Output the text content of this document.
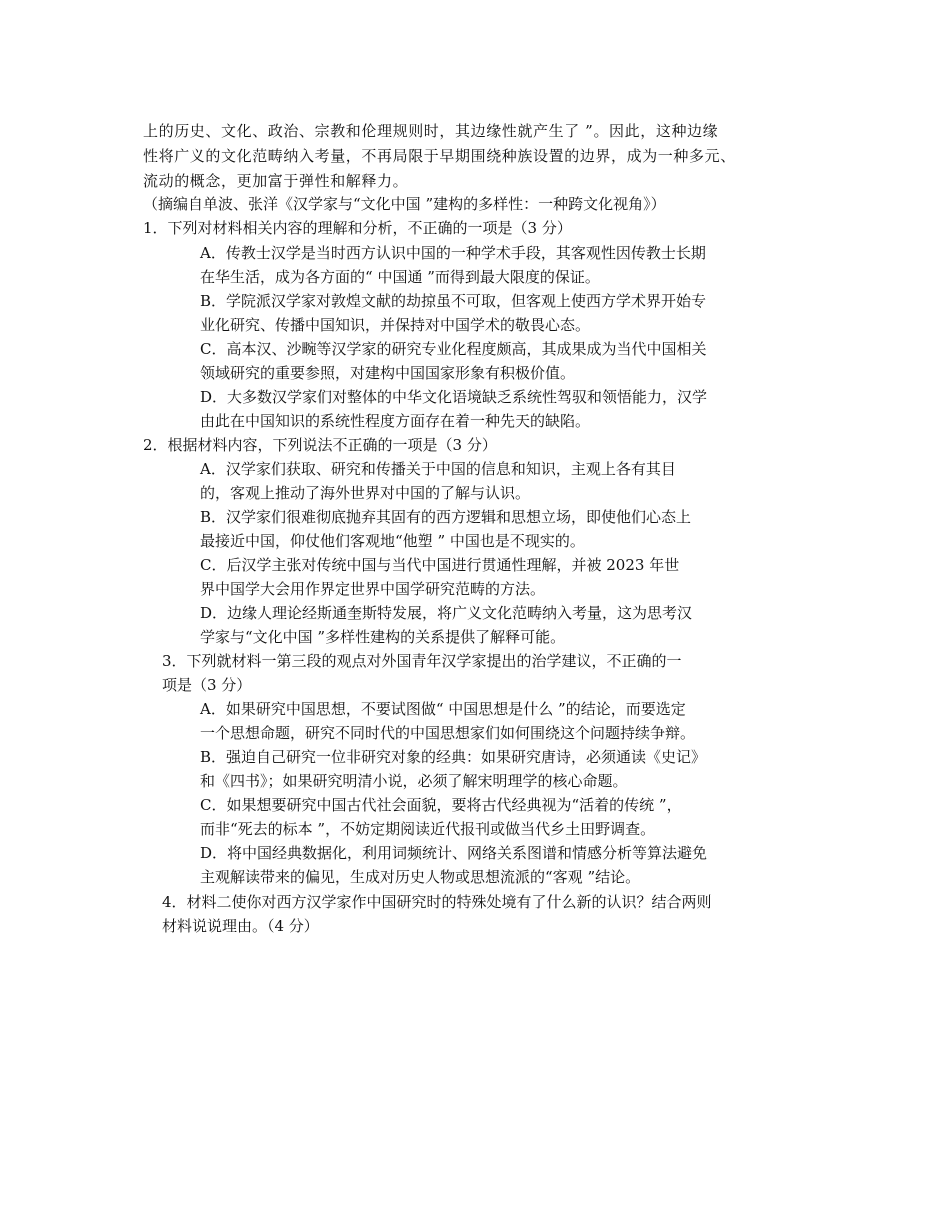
上的历史、文化、政治、宗教和伦理规则时，其边缘性就产生了 ”。因此，这种边缘
性将广义的文化范畴纳入考量，不再局限于早期围绕种族设置的边界，成为一种多元、
流动的概念，更加富于弹性和解释力。
（摘编自单波、张洋《汉学家与“文化中国 ”建构的多样性：一种跨文化视角》）
1．下列对材料相关内容的理解和分析，不正确的一项是（3 分）
A．传教士汉学是当时西方认识中国的一种学术手段，其客观性因传教士长期
在华生活，成为各方面的“ 中国通 ”而得到最大限度的保证。
B．学院派汉学家对敦煌文献的劫掠虽不可取，但客观上使西方学术界开始专
业化研究、传播中国知识，并保持对中国学术的敬畏心态。
C．高本汉、沙畹等汉学家的研究专业化程度颇高，其成果成为当代中国相关
领域研究的重要参照，对建构中国国家形象有积极价值。
D．大多数汉学家们对整体的中华文化语境缺乏系统性驾驭和领悟能力，汉学
由此在中国知识的系统性程度方面存在着一种先天的缺陷。
2．根据材料内容，下列说法不正确的一项是（3 分）
A．汉学家们获取、研究和传播关于中国的信息和知识，主观上各有其目
的，客观上推动了海外世界对中国的了解与认识。
B．汉学家们很难彻底抛弃其固有的西方逻辑和思想立场，即使他们心态上
最接近中国，仰仗他们客观地“他塑 ” 中国也是不现实的。
C．后汉学主张对传统中国与当代中国进行贯通性理解，并被 2023 年世
界中国学大会用作界定世界中国学研究范畴的方法。
D．边缘人理论经斯通奎斯特发展，将广义文化范畴纳入考量，这为思考汉
学家与“文化中国 ”多样性建构的关系提供了解释可能。
3．下列就材料一第三段的观点对外国青年汉学家提出的治学建议，不正确的一
项是（3 分）
A．如果研究中国思想，不要试图做“ 中国思想是什么 ”的结论，而要选定
一个思想命题，研究不同时代的中国思想家们如何围绕这个问题持续争辩。
B．强迫自己研究一位非研究对象的经典：如果研究唐诗，必须通读《史记》
和《四书》；如果研究明清小说，必须了解宋明理学的核心命题。
C．如果想要研究中国古代社会面貌，要将古代经典视为“活着的传统 ”，
而非“死去的标本 ”，不妨定期阅读近代报刊或做当代乡土田野调查。
D．将中国经典数据化，利用词频统计、网络关系图谱和情感分析等算法避免
主观解读带来的偏见，生成对历史人物或思想流派的“客观 ”结论。
4．材料二使你对西方汉学家作中国研究时的特殊处境有了什么新的认识？结合两则
材料说说理由。（4 分）
